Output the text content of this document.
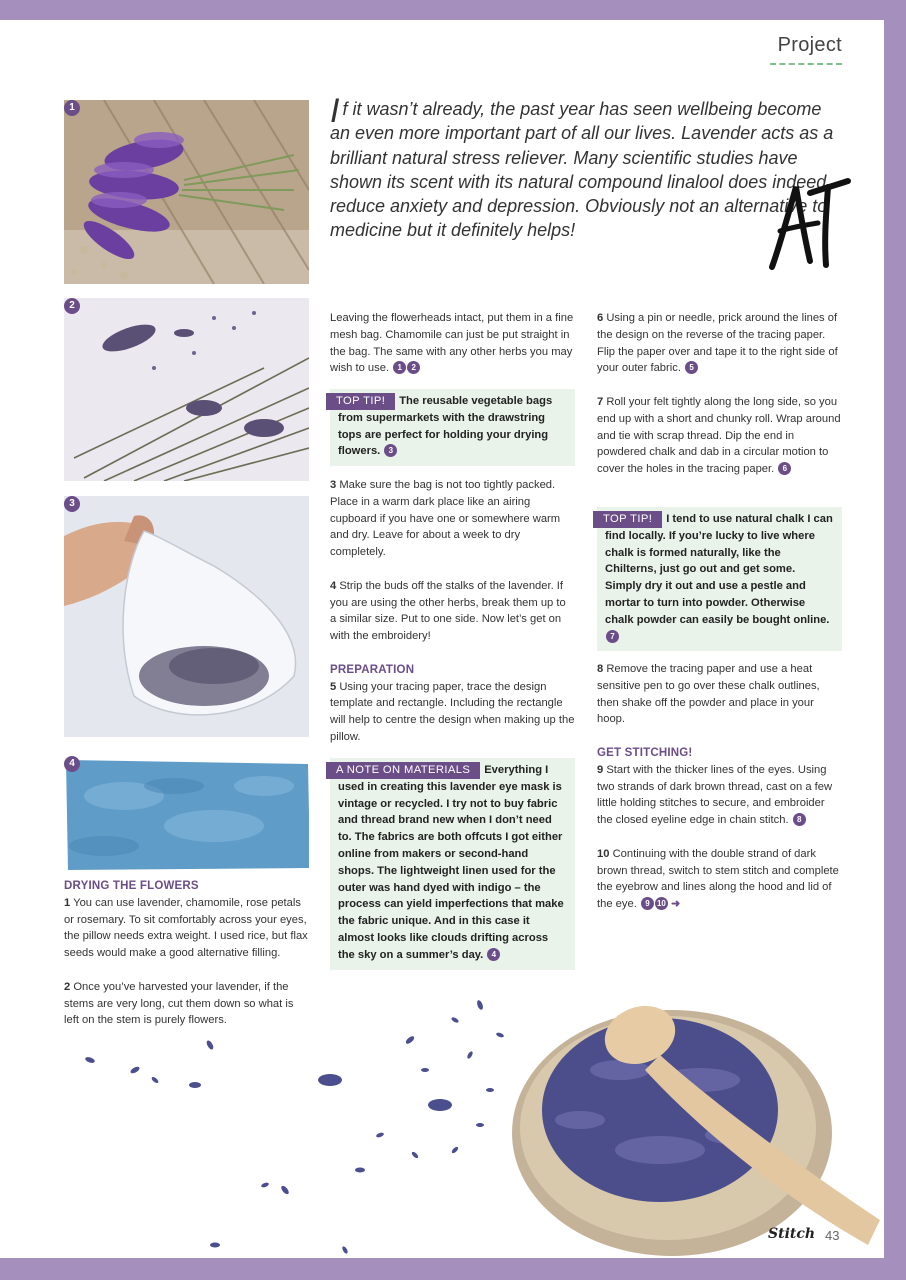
Project
If it wasn’t already, the past year has seen wellbeing become an even more important part of all our lives. Lavender acts as a brilliant natural stress reliever. Many scientific studies have shown its scent with its natural compound linalool does indeed reduce anxiety and depression. Obviously not an alternative to medicine but it definitely helps!
1
2
3
4
DRYING THE FLOWERS

1 You can use lavender, chamomile, rose petals or rosemary. To sit comfortably across your eyes, the pillow needs extra weight. I used rice, but flax seeds would make a good alternative filling.

2 Once you’ve harvested your lavender, if the stems are very long, cut them down so what is left on the stem is purely flowers.

Leaving the flowerheads intact, put them in a fine mesh bag. Chamomile can just be put straight in the bag. The same with any other herbs you may wish to use. 1 2

TOP TIP! The reusable vegetable bags from supermarkets with the drawstring tops are perfect for holding your drying flowers. 3

3 Make sure the bag is not too tightly packed. Place in a warm dark place like an airing cupboard if you have one or somewhere warm and dry. Leave for about a week to dry completely.

4 Strip the buds off the stalks of the lavender. If you are using the other herbs, break them up to a similar size. Put to one side. Now let’s get on with the embroidery!

PREPARATION

5 Using your tracing paper, trace the design template and rectangle. Including the rectangle will help to centre the design when making up the pillow.

A NOTE ON MATERIALS Everything I used in creating this lavender eye mask is vintage or recycled. I try not to buy fabric and thread brand new when I don’t need to. The fabrics are both offcuts I got either online from makers or second-hand shops. The lightweight linen used for the outer was hand dyed with indigo – the process can yield imperfections that make the fabric unique. And in this case it almost looks like clouds drifting across the sky on a summer’s day. 4

6 Using a pin or needle, prick around the lines of the design on the reverse of the tracing paper. Flip the paper over and tape it to the right side of your outer fabric. 5

7 Roll your felt tightly along the long side, so you end up with a short and chunky roll. Wrap around and tie with scrap thread. Dip the end in powdered chalk and dab in a circular motion to cover the holes in the tracing paper. 6

TOP TIP! I tend to use natural chalk I can find locally. If you’re lucky to live where chalk is formed naturally, like the Chilterns, just go out and get some. Simply dry it out and use a pestle and mortar to turn into powder. Otherwise chalk powder can easily be bought online. 7

8 Remove the tracing paper and use a heat sensitive pen to go over these chalk outlines, then shake off the powder and place in your hoop.

GET STITCHING!

9 Start with the thicker lines of the eyes. Using two strands of dark brown thread, cast on a few little holding stitches to secure, and embroider the closed eyeline edge in chain stitch. 8

10 Continuing with the double strand of dark brown thread, switch to stem stitch and complete the eyebrow and lines along the hood and lid of the eye. 9 10 ➜

Stitch 43
